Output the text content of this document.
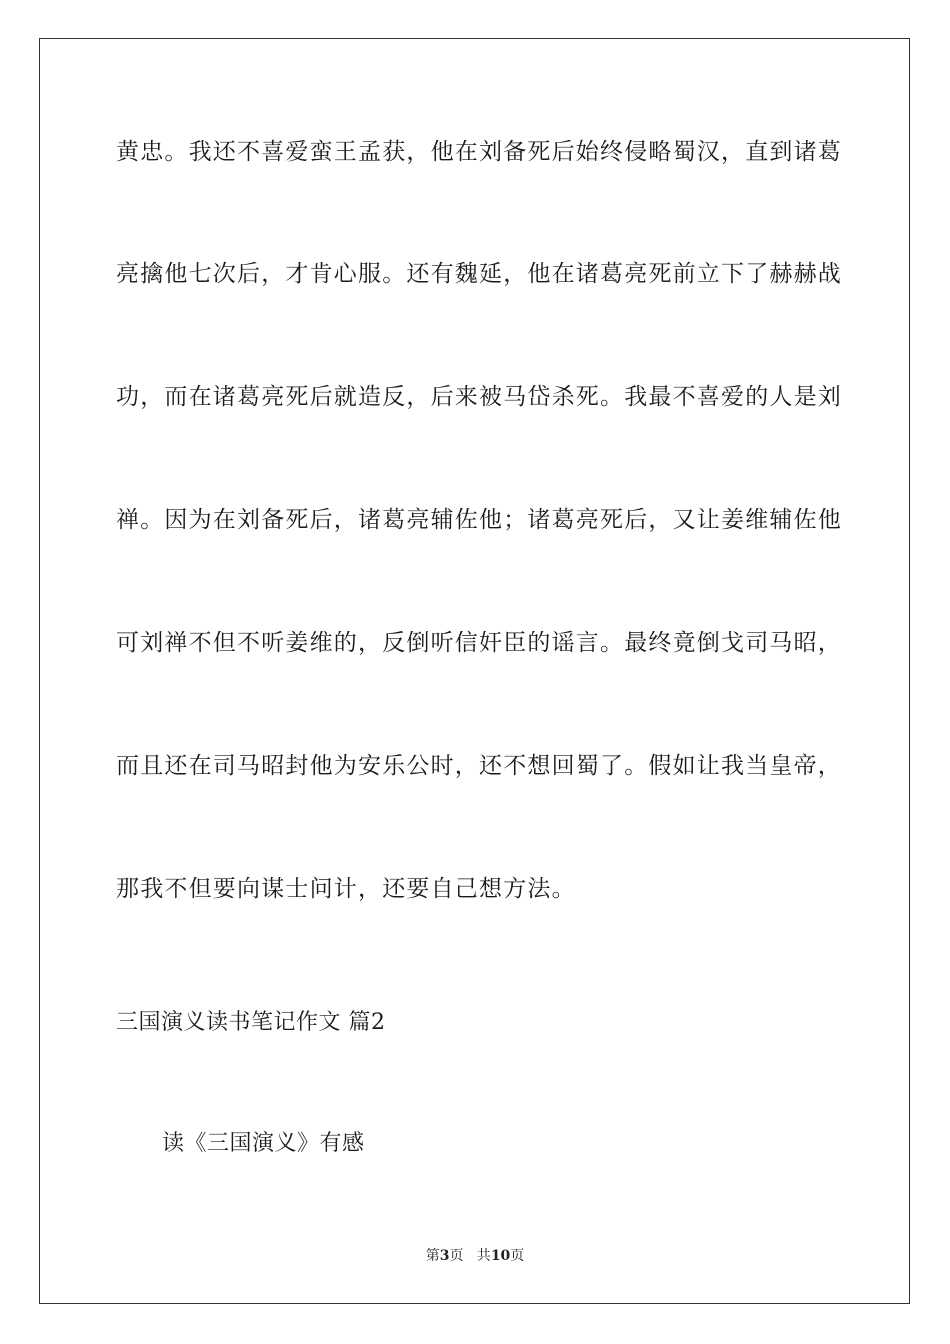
黄忠。我还不喜爱蛮王孟获，他在刘备死后始终侵略蜀汉，直到诸葛
亮擒他七次后，才肯心服。还有魏延，他在诸葛亮死前立下了赫赫战
功，而在诸葛亮死后就造反，后来被马岱杀死。我最不喜爱的人是刘
禅。因为在刘备死后，诸葛亮辅佐他；诸葛亮死后，又让姜维辅佐他
可刘禅不但不听姜维的，反倒听信奸臣的谣言。最终竟倒戈司马昭，
而且还在司马昭封他为安乐公时，还不想回蜀了。假如让我当皇帝，
那我不但要向谋士问计，还要自己想方法。
三国演义读书笔记作文 篇2
读《三国演义》有感
第3页   共10页
